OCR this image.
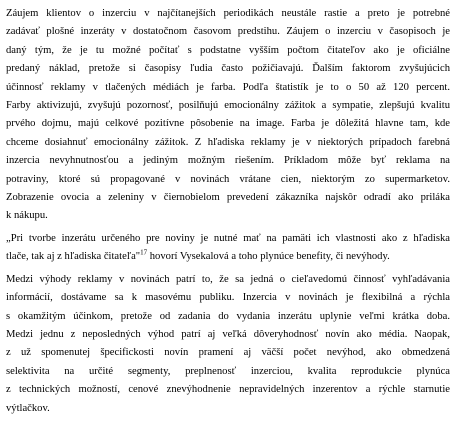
Záujem klientov o inzerciu v najčítanejších periodikách neustále rastie a preto je potrebné
zadávať plošné inzeráty v dostatočnom časovom predstihu. Záujem o inzerciu v časopisoch je
daný tým, že je tu možné počítať s podstatne vyšším počtom čitateľov ako je oficiálne
predaný náklad, pretože si časopisy ľudia často požičiavajú. Ďalším faktorom zvyšujúcich
účinnosť reklamy v tlačených médiách je farba. Podľa štatistík je to o 50 až 120 percent.
Farby aktivizujú, zvyšujú pozornosť, posilňujú emocionálny zážitok a sympatie, zlepšujú kvalitu
prvého dojmu, majú celkové pozitívne pôsobenie na image. Farba je dôležitá hlavne tam, kde
chceme dosiahnuť emocionálny zážitok. Z hľadiska reklamy je v niektorých prípadoch farebná
inzercia nevyhnutnosťou a jediným možným riešením. Príkladom môže byť reklama na
potraviny, ktoré sú propagované v novinách vrátane cien, niektorým zo supermarketov.
Zobrazenie ovocia a zeleniny v čiernobielom prevedení zákazníka najskôr odradí ako priláka
k nákupu.

„Pri tvorbe inzerátu určeného pre noviny je nutné mať na pamäti ich vlastnosti ako z hľadiska
tlače, tak aj z hľadiska čitateľa"$^{17}$ hovorí Vysekalová a toho plynúce benefity, či nevýhody.

Medzi výhody reklamy v novinách patrí to, že sa jedná o cieľavedomú činnosť vyhľadávania
informácií, dostávame sa k masovému publiku. Inzercia v novinách je flexibilná a rýchla
s okamžitým účinkom, pretože od zadania do vydania inzerátu uplynie veľmi krátka doba.
Medzi jednu z neposledných výhod patrí aj veľká dôveryhodnosť novín ako média. Naopak,
z už spomenutej špecifickosti novín pramení aj väčší počet nevýhod, ako obmedzená
selektivita na určité segmenty, preplnenosť inzerciou, kvalita reprodukcie plynúca
z technických možností, cenové znevýhodnenie nepravidelných inzerentov a rýchle starnutie
výtlačkov.
